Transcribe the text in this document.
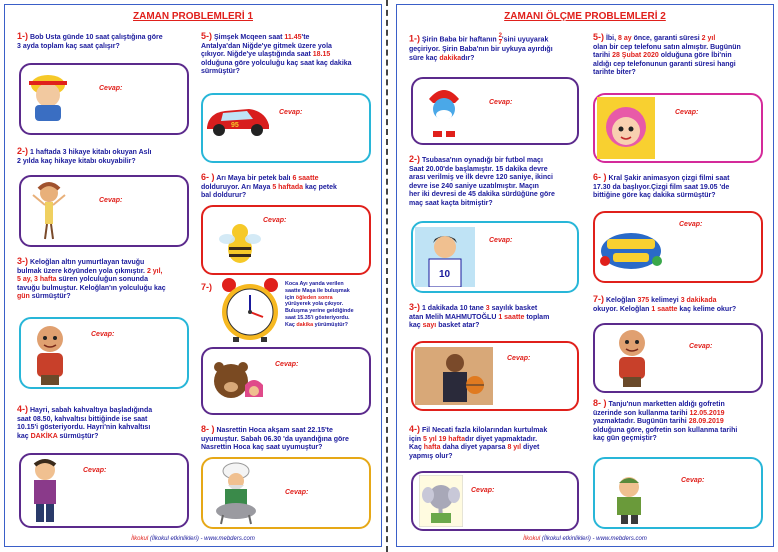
ZAMAN PROBLEMLERİ 1
1-) Bob Usta günde 10 saat çalıştığına göre
3 ayda toplam kaç saat çalışır?
Cevap:
2-) 1 haftada 3 hikaye kitabı okuyan Aslı
2 yılda kaç hikaye kitabı okuyabilir?
Cevap:
3-) Keloğlan altın yumurtlayan tavuğu
bulmak üzere köyünden yola çıkmıştır. 2 yıl,
5 ay, 3 hafta süren yolculuğun sonunda
tavuğu bulmuştur. Keloğlan'ın yolculuğu kaç
gün sürmüştür?
Cevap:
4-) Hayri, sabah kahvaltıya başladığında
saat 08.50, kahvaltısı bittiğinde ise saat
10.15'i gösteriyordu. Hayri'nin kahvaltısı
kaç DAKİKA sürmüştür?
Cevap:
5-) Şimşek Mcqeen saat 11.45'te
Antalya'dan Niğde'ye gitmek üzere yola
çıkıyor. Niğde'ye ulaştığında saat 18.15
olduğuna göre yolculuğu kaç saat kaç dakika
sürmüştür?
Cevap:
95
6- ) Arı Maya bir petek balı 6 saatte
dolduruyor. Arı Maya 5 haftada kaç petek
bal doldurur?
Cevap:
7-)	Koca Ayı yanda verilen
saatte Maşa ile buluşmak
için öğleden sonra
yürüyerek yola çıkıyor.
Buluşma yerine geldiğinde
saat 15.35'i gösteriyordu.
Kaç dakika yürümüştür?
Cevap:
8- ) Nasrettin Hoca akşam saat 22.15'te
uyumuştur. Sabah 06.30 'da uyandığına göre
Nasrettin Hoca kaç saat uyumuştur?
Cevap:
İlkokul (İlkokul etkinlikleri) - www.mebders.com
ZAMANI ÖLÇME PROBLEMLERİ 2
1-) Şirin Baba bir haftanın $\frac{2}{7}$ 'sini uyuyarak
geçiriyor. Şirin Baba'nın bir uykuya ayırdığı
süre kaç dakikadır?
Cevap:
2-) Tsubasa'nın oynadığı bir futbol maçı
Saat 20.00'de başlamıştır. 15 dakika devre
arası verilmiş ve ilk devre 120 saniye, ikinci
devre ise 240 saniye uzatılmıştır. Maçın
her iki devresi de 45 dakika sürdüğüne göre
maç saat kaçta bitmiştir?
Cevap:
10
3-) 1 dakikada 10 tane 3 sayılık basket
atan Melih MAHMUTOĞLU 1 saatte toplam
kaç sayı basket atar?
Cevap:
4-) Fil Necati fazla kilolarından kurtulmak
için 5 yıl 19 haftadır diyet yapmaktadır.
Kaç hafta daha diyet yaparsa 8 yıl diyet
yapmış olur?
Cevap:
5-) İbi, 8 ay önce, garanti süresi 2 yıl
olan bir cep telefonu satın almıştır. Bugünün
tarihi 28 Şubat 2020 olduğuna göre İbi'nin
aldığı cep telefonunun garanti süresi hangi
tarihte biter?
Cevap:
6- ) Kral Şakir animasyon çizgi filmi saat
17.30 da başlıyor.Çizgi film saat 19.05 'de
bittiğine göre kaç dakika sürmüştür?
Cevap:
7-) Keloğlan 375 kelimeyi 3 dakikada
okuyor. Keloğlan 1 saatte kaç kelime okur?
Cevap:
8- ) Tanju'nun marketten aldığı gofretin
üzerinde son kullanma tarihi 12.05.2019
yazmaktadır. Bugünün tarihi 28.09.2019
olduğuna göre, gofretin son kullanma tarihi
kaç gün geçmiştir?
Cevap:
İlkokul (İlkokul etkinlikleri) - www.mebders.com
